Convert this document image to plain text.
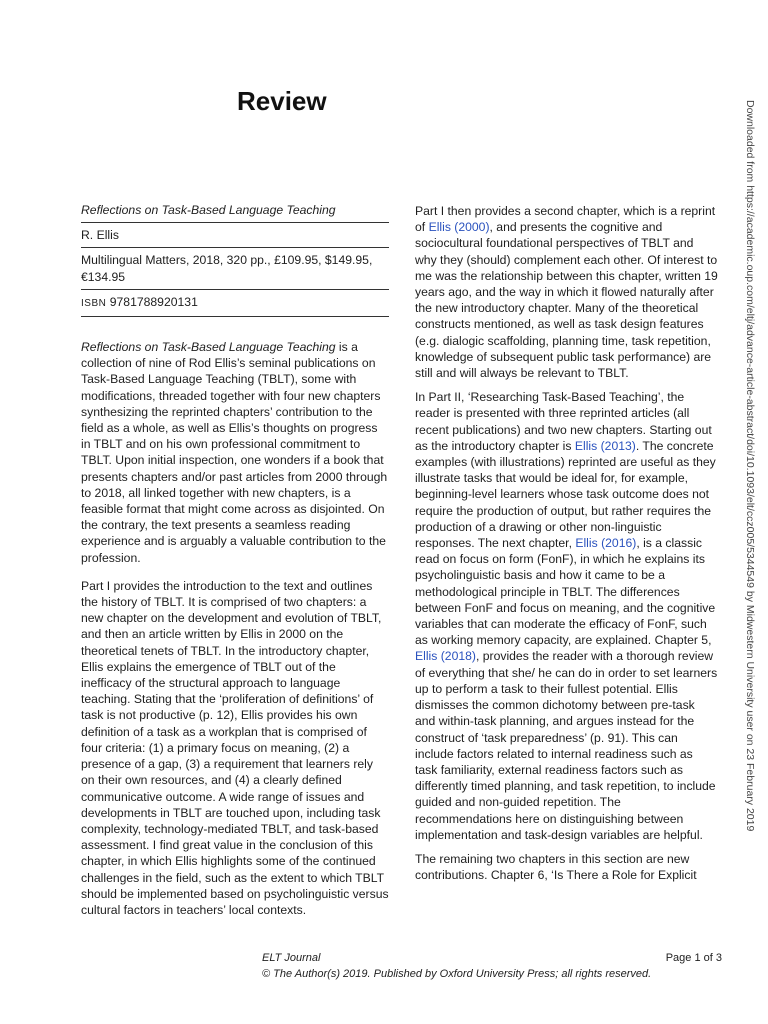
Review
Reflections on Task-Based Language Teaching
R. Ellis
Multilingual Matters, 2018, 320 pp., £109.95, $149.95, €134.95
ISBN 9781788920131

Reflections on Task-Based Language Teaching is a collection of nine of Rod Ellis’s seminal publications on Task-Based Language Teaching (TBLT), some with modifications, threaded together with four new chapters synthesizing the reprinted chapters’ contribution to the field as a whole, as well as Ellis’s thoughts on progress in TBLT and on his own professional commitment to TBLT. Upon initial inspection, one wonders if a book that presents chapters and/or past articles from 2000 through to 2018, all linked together with new chapters, is a feasible format that might come across as disjointed. On the contrary, the text presents a seamless reading experience and is arguably a valuable contribution to the profession.

Part I provides the introduction to the text and outlines the history of TBLT. It is comprised of two chapters: a new chapter on the development and evolution of TBLT, and then an article written by Ellis in 2000 on the theoretical tenets of TBLT. In the introductory chapter, Ellis explains the emergence of TBLT out of the inefficacy of the structural approach to language teaching. Stating that the ‘proliferation of definitions’ of task is not productive (p. 12), Ellis provides his own definition of a task as a workplan that is comprised of four criteria: (1) a primary focus on meaning, (2) a presence of a gap, (3) a requirement that learners rely on their own resources, and (4) a clearly defined communicative outcome. A wide range of issues and developments in TBLT are touched upon, including task complexity, technology-mediated TBLT, and task-based assessment. I find great value in the conclusion of this chapter, in which Ellis highlights some of the continued challenges in the field, such as the extent to which TBLT should be implemented based on psycholinguistic versus cultural factors in teachers’ local contexts.

Part I then provides a second chapter, which is a reprint of Ellis (2000), and presents the cognitive and sociocultural foundational perspectives of TBLT and why they (should) complement each other. Of interest to me was the relationship between this chapter, written 19 years ago, and the way in which it flowed naturally after the new introductory chapter. Many of the theoretical constructs mentioned, as well as task design features (e.g. dialogic scaffolding, planning time, task repetition, knowledge of subsequent public task performance) are still and will always be relevant to TBLT.

In Part II, ‘Researching Task-Based Teaching’, the reader is presented with three reprinted articles (all recent publications) and two new chapters. Starting out as the introductory chapter is Ellis (2013). The concrete examples (with illustrations) reprinted are useful as they illustrate tasks that would be ideal for, for example, beginning-level learners whose task outcome does not require the production of output, but rather requires the production of a drawing or other non-linguistic responses. The next chapter, Ellis (2016), is a classic read on focus on form (FonF), in which he explains its psycholinguistic basis and how it came to be a methodological principle in TBLT. The differences between FonF and focus on meaning, and the cognitive variables that can moderate the efficacy of FonF, such as working memory capacity, are explained. Chapter 5, Ellis (2018), provides the reader with a thorough review of everything that she/ he can do in order to set learners up to perform a task to their fullest potential. Ellis dismisses the common dichotomy between pre-task and within-task planning, and argues instead for the construct of ‘task preparedness’ (p. 91). This can include factors related to internal readiness such as task familiarity, external readiness factors such as differently timed planning, and task repetition, to include guided and non-guided repetition. The recommendations here on distinguishing between implementation and task-design variables are helpful.

The remaining two chapters in this section are new contributions. Chapter 6, ‘Is There a Role for Explicit

Downloaded from https://academic.oup.com/eltj/advance-article-abstract/doi/10.1093/elt/ccz005/5344549 by Midwestern University user on 23 February 2019
ELT Journal
© The Author(s) 2019. Published by Oxford University Press; all rights reserved.
Page 1 of 3
